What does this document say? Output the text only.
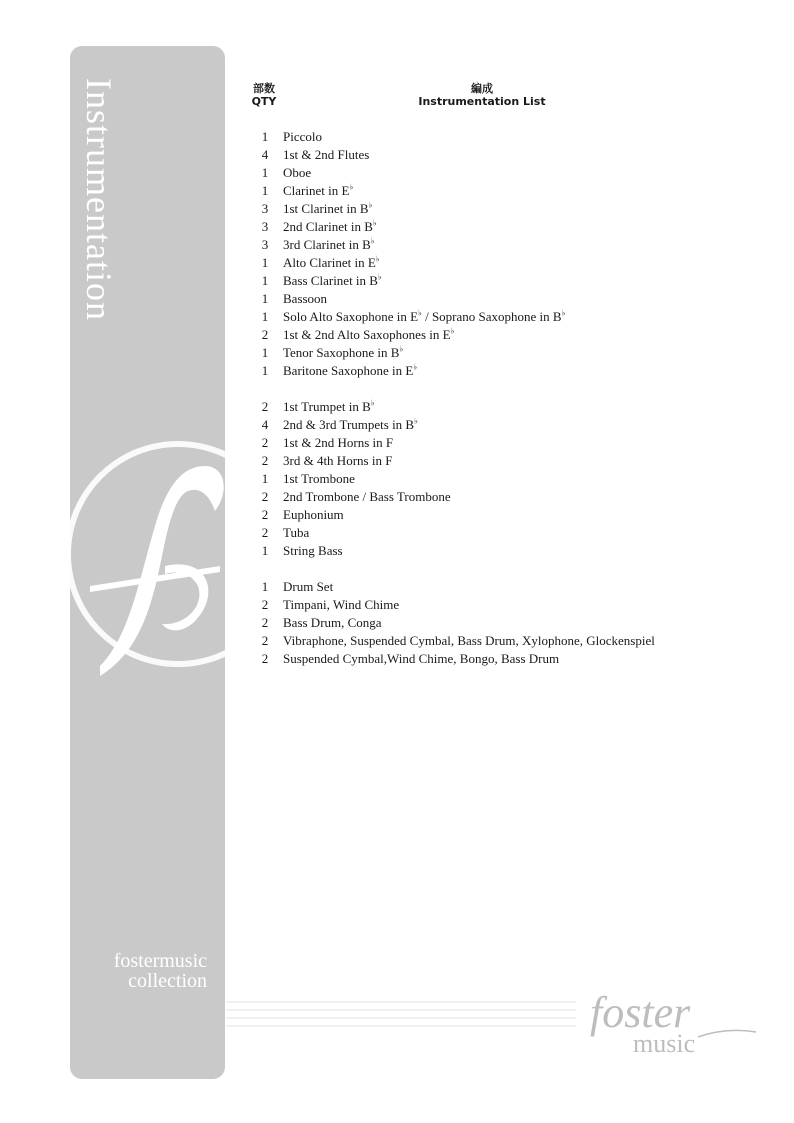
fostermusic
collection
Instrumentation	部数
QTY
編成
Instrumentation List
1 Piccolo
4 1st & 2nd Flutes
1 Oboe
1 Clarinet in E♭
3 1st Clarinet in B♭
3 2nd Clarinet in B♭
3 3rd Clarinet in B♭
1 Alto Clarinet in E♭
1 Bass Clarinet in B♭
1 Bassoon
1 Solo Alto Saxophone in E♭ / Soprano Saxophone in B♭
2 1st & 2nd Alto Saxophones in E♭
1 Tenor Saxophone in B♭
1 Baritone Saxophone in E♭
2 1st Trumpet in B♭
4 2nd & 3rd Trumpets in B♭
2 1st & 2nd Horns in F
2 3rd & 4th Horns in F
1 1st Trombone
2 2nd Trombone / Bass Trombone
2 Euphonium
2 Tuba
1 String Bass
1 Drum Set
2 Timpani, Wind Chime
2 Bass Drum, Conga
2 Vibraphone, Suspended Cymbal, Bass Drum, Xylophone, Glockenspiel
2 Suspended Cymbal,Wind Chime, Bongo, Bass Drum
foster
music
